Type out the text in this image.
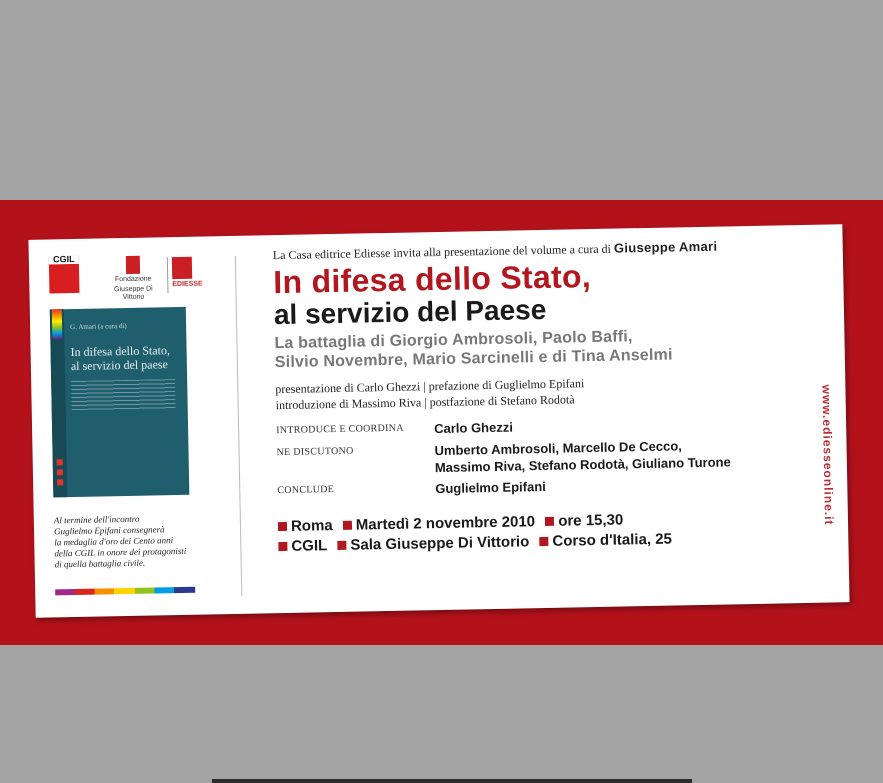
CGIL
Fondazione
Giuseppe Di Vittorio
EDIESSE
G. Amari (a cura di)
In difesa dello Stato, al servizio del paese

Al termine dell'incontro

Guglielmo Epifani consegnerà

la medaglia d'oro dei Cento anni

della CGIL in onore dei protagonisti

di quella battaglia civile.

La Casa editrice Ediesse invita alla presentazione del volume a cura di Giuseppe Amari
In difesa dello Stato,
al servizio del Paese
La battaglia di Giorgio Ambrosoli, Paolo Baffi,
Silvio Novembre, Mario Sarcinelli e di Tina Anselmi
presentazione di Carlo Ghezzi | prefazione di Guglielmo Epifani
introduzione di Massimo Riva | postfazione di Stefano Rodotà
INTRODUCE E COORDINA Carlo Ghezzi
NE DISCUTONO	Umberto Ambrosoli, Marcello De Cecco,
Massimo Riva, Stefano Rodotà, Giuliano Turone
CONCLUDE	Guglielmo Epifani
Roma Martedì 2 novembre 2010 ore 15,30
CGIL Sala Giuseppe Di Vittorio Corso d'Italia, 25
www.ediesseonline.it
